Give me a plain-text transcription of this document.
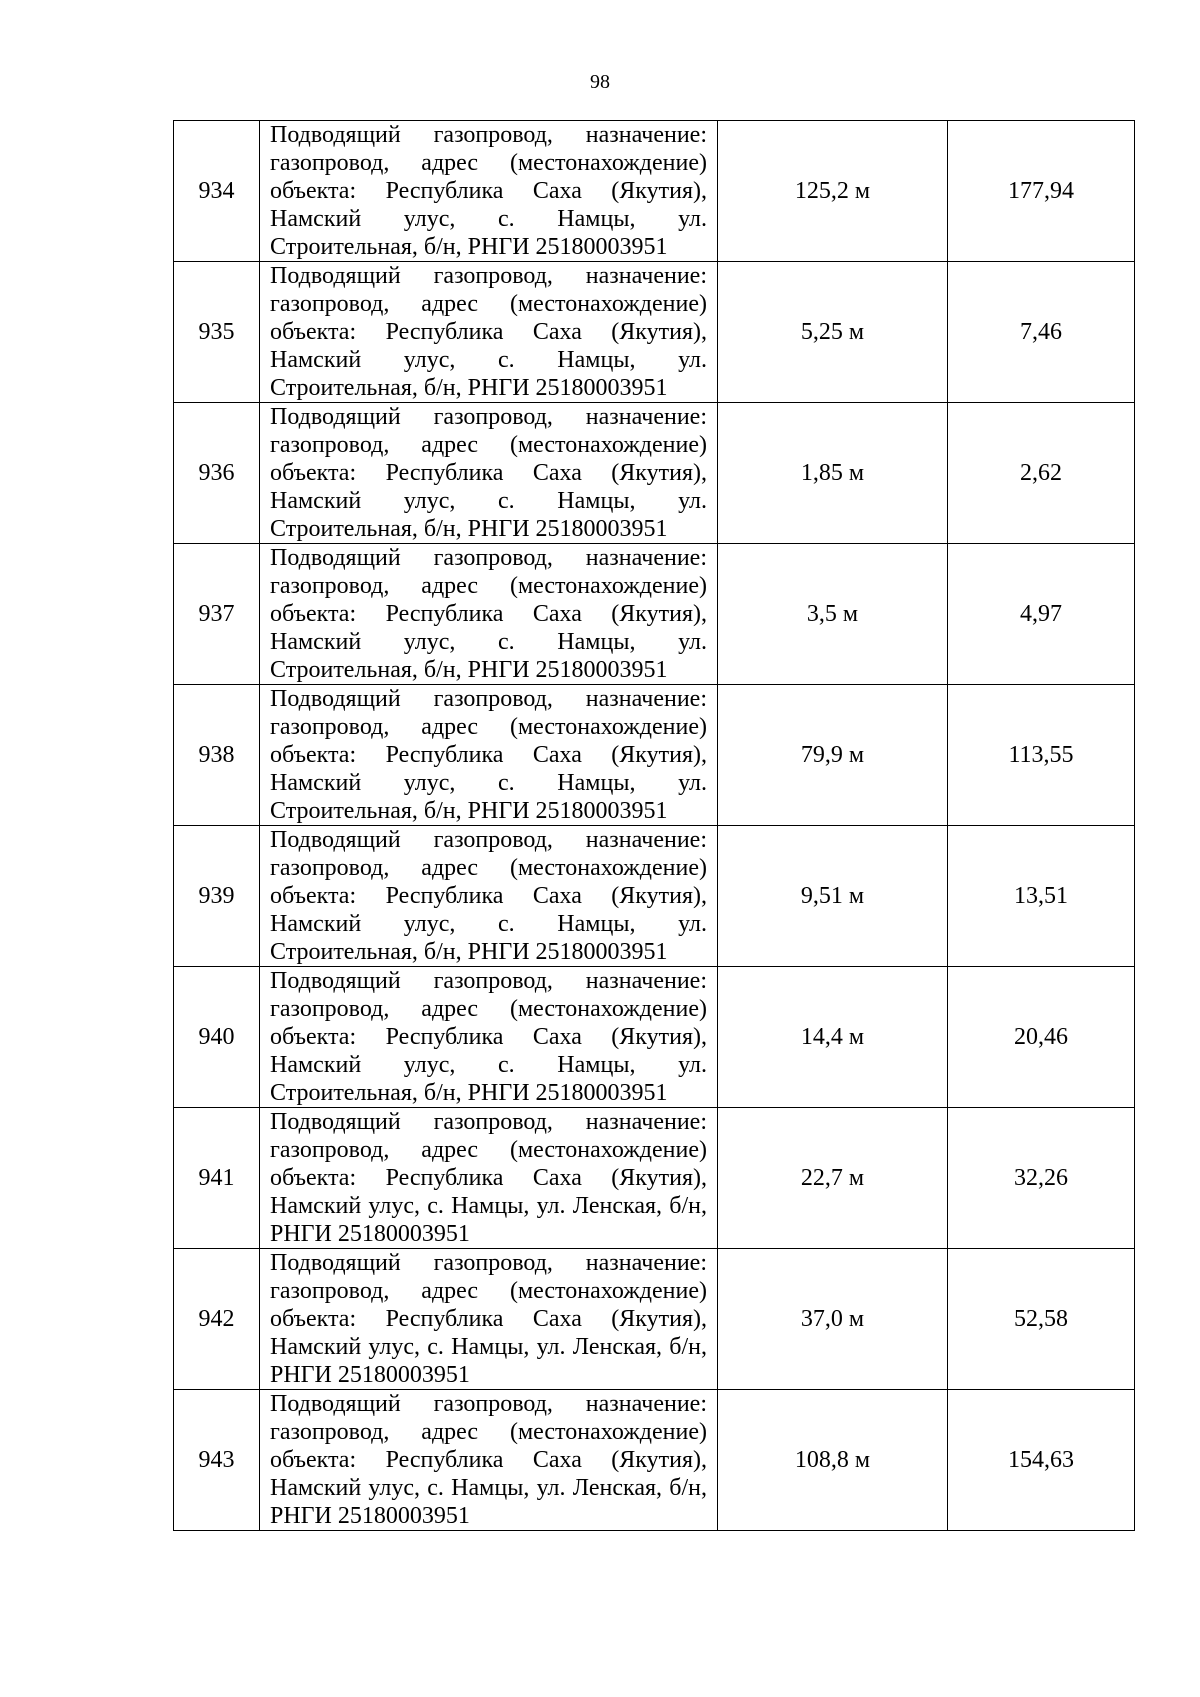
98
934	Подводящий газопровод, назначение: газопровод, адрес (местонахождение) объекта: Республика Саха (Якутия), Намский улус, с. Намцы, ул. Строительная, б/н, РНГИ 25180003951	125,2 м	177,94
935	Подводящий газопровод, назначение: газопровод, адрес (местонахождение) объекта: Республика Саха (Якутия), Намский улус, с. Намцы, ул. Строительная, б/н, РНГИ 25180003951	5,25 м	7,46
936	Подводящий газопровод, назначение: газопровод, адрес (местонахождение) объекта: Республика Саха (Якутия), Намский улус, с. Намцы, ул. Строительная, б/н, РНГИ 25180003951	1,85 м	2,62
937	Подводящий газопровод, назначение: газопровод, адрес (местонахождение) объекта: Республика Саха (Якутия), Намский улус, с. Намцы, ул. Строительная, б/н, РНГИ 25180003951	3,5 м	4,97
938	Подводящий газопровод, назначение: газопровод, адрес (местонахождение) объекта: Республика Саха (Якутия), Намский улус, с. Намцы, ул. Строительная, б/н, РНГИ 25180003951	79,9 м	113,55
939	Подводящий газопровод, назначение: газопровод, адрес (местонахождение) объекта: Республика Саха (Якутия), Намский улус, с. Намцы, ул. Строительная, б/н, РНГИ 25180003951	9,51 м	13,51
940	Подводящий газопровод, назначение: газопровод, адрес (местонахождение) объекта: Республика Саха (Якутия), Намский улус, с. Намцы, ул. Строительная, б/н, РНГИ 25180003951	14,4 м	20,46
941	Подводящий газопровод, назначение: газопровод, адрес (местонахождение) объекта: Республика Саха (Якутия), Намский улус, с. Намцы, ул. Ленская, б/н, РНГИ 25180003951	22,7 м	32,26
942	Подводящий газопровод, назначение: газопровод, адрес (местонахождение) объекта: Республика Саха (Якутия), Намский улус, с. Намцы, ул. Ленская, б/н, РНГИ 25180003951	37,0 м	52,58
943	Подводящий газопровод, назначение: газопровод, адрес (местонахождение) объекта: Республика Саха (Якутия), Намский улус, с. Намцы, ул. Ленская, б/н, РНГИ 25180003951	108,8 м	154,63
